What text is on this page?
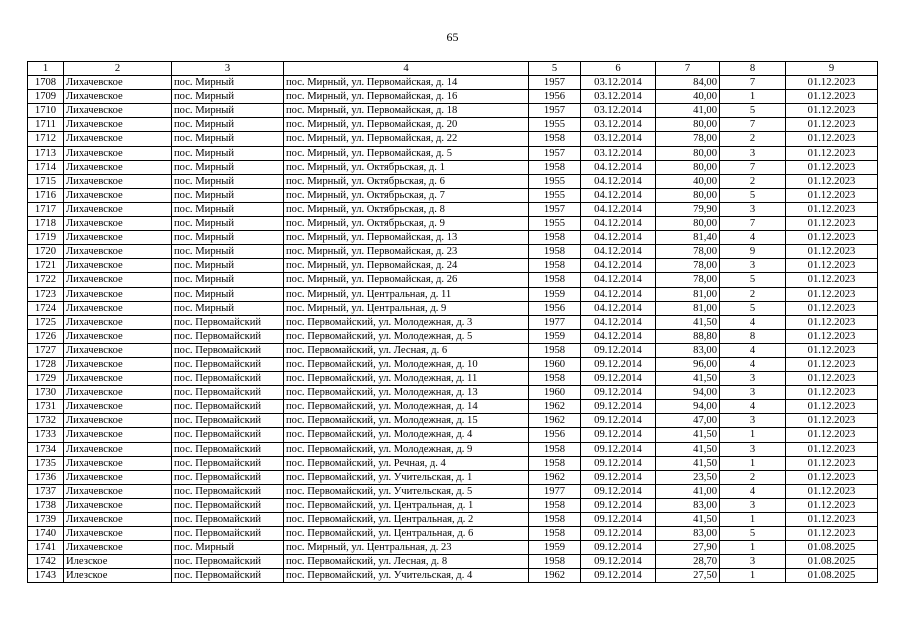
65
1	2	3	4	5	6	7	8	9
1708	Лихачевское	пос. Мирный	пос. Мирный, ул. Первомайская, д. 14	1957	03.12.2014	84,00	7	01.12.2023
1709	Лихачевское	пос. Мирный	пос. Мирный, ул. Первомайская, д. 16	1956	03.12.2014	40,00	1	01.12.2023
1710	Лихачевское	пос. Мирный	пос. Мирный, ул. Первомайская, д. 18	1957	03.12.2014	41,00	5	01.12.2023
1711	Лихачевское	пос. Мирный	пос. Мирный, ул. Первомайская, д. 20	1955	03.12.2014	80,00	7	01.12.2023
1712	Лихачевское	пос. Мирный	пос. Мирный, ул. Первомайская, д. 22	1958	03.12.2014	78,00	2	01.12.2023
1713	Лихачевское	пос. Мирный	пос. Мирный, ул. Первомайская, д. 5	1957	03.12.2014	80,00	3	01.12.2023
1714	Лихачевское	пос. Мирный	пос. Мирный, ул. Октябрьская, д. 1	1958	04.12.2014	80,00	7	01.12.2023
1715	Лихачевское	пос. Мирный	пос. Мирный, ул. Октябрьская, д. 6	1955	04.12.2014	40,00	2	01.12.2023
1716	Лихачевское	пос. Мирный	пос. Мирный, ул. Октябрьская, д. 7	1955	04.12.2014	80,00	5	01.12.2023
1717	Лихачевское	пос. Мирный	пос. Мирный, ул. Октябрьская, д. 8	1957	04.12.2014	79,90	3	01.12.2023
1718	Лихачевское	пос. Мирный	пос. Мирный, ул. Октябрьская, д. 9	1955	04.12.2014	80,00	7	01.12.2023
1719	Лихачевское	пос. Мирный	пос. Мирный, ул. Первомайская, д. 13	1958	04.12.2014	81,40	4	01.12.2023
1720	Лихачевское	пос. Мирный	пос. Мирный, ул. Первомайская, д. 23	1958	04.12.2014	78,00	9	01.12.2023
1721	Лихачевское	пос. Мирный	пос. Мирный, ул. Первомайская, д. 24	1958	04.12.2014	78,00	3	01.12.2023
1722	Лихачевское	пос. Мирный	пос. Мирный, ул. Первомайская, д. 26	1958	04.12.2014	78,00	5	01.12.2023
1723	Лихачевское	пос. Мирный	пос. Мирный, ул. Центральная, д. 11	1959	04.12.2014	81,00	2	01.12.2023
1724	Лихачевское	пос. Мирный	пос. Мирный, ул. Центральная, д. 9	1956	04.12.2014	81,00	5	01.12.2023
1725	Лихачевское	пос. Первомайский	пос. Первомайский, ул. Молодежная, д. 3	1977	04.12.2014	41,50	4	01.12.2023
1726	Лихачевское	пос. Первомайский	пос. Первомайский, ул. Молодежная, д. 5	1959	04.12.2014	88,80	8	01.12.2023
1727	Лихачевское	пос. Первомайский	пос. Первомайский, ул. Лесная, д. 6	1958	09.12.2014	83,00	4	01.12.2023
1728	Лихачевское	пос. Первомайский	пос. Первомайский, ул. Молодежная, д. 10	1960	09.12.2014	96,00	4	01.12.2023
1729	Лихачевское	пос. Первомайский	пос. Первомайский, ул. Молодежная, д. 11	1958	09.12.2014	41,50	3	01.12.2023
1730	Лихачевское	пос. Первомайский	пос. Первомайский, ул. Молодежная, д. 13	1960	09.12.2014	94,00	3	01.12.2023
1731	Лихачевское	пос. Первомайский	пос. Первомайский, ул. Молодежная, д. 14	1962	09.12.2014	94,00	4	01.12.2023
1732	Лихачевское	пос. Первомайский	пос. Первомайский, ул. Молодежная, д. 15	1962	09.12.2014	47,00	3	01.12.2023
1733	Лихачевское	пос. Первомайский	пос. Первомайский, ул. Молодежная, д. 4	1956	09.12.2014	41,50	1	01.12.2023
1734	Лихачевское	пос. Первомайский	пос. Первомайский, ул. Молодежная, д. 9	1958	09.12.2014	41,50	3	01.12.2023
1735	Лихачевское	пос. Первомайский	пос. Первомайский, ул. Речная, д. 4	1958	09.12.2014	41,50	1	01.12.2023
1736	Лихачевское	пос. Первомайский	пос. Первомайский, ул. Учительская, д. 1	1962	09.12.2014	23,50	2	01.12.2023
1737	Лихачевское	пос. Первомайский	пос. Первомайский, ул. Учительская, д. 5	1977	09.12.2014	41,00	4	01.12.2023
1738	Лихачевское	пос. Первомайский	пос. Первомайский, ул. Центральная, д. 1	1958	09.12.2014	83,00	3	01.12.2023
1739	Лихачевское	пос. Первомайский	пос. Первомайский, ул. Центральная, д. 2	1958	09.12.2014	41,50	1	01.12.2023
1740	Лихачевское	пос. Первомайский	пос. Первомайский, ул. Центральная, д. 6	1958	09.12.2014	83,00	5	01.12.2023
1741	Лихачевское	пос. Мирный	пос. Мирный, ул. Центральная, д. 23	1959	09.12.2014	27,90	1	01.08.2025
1742	Илезское	пос. Первомайский	пос. Первомайский, ул. Лесная, д. 8	1958	09.12.2014	28,70	3	01.08.2025
1743	Илезское	пос. Первомайский	пос. Первомайский, ул. Учительская, д. 4	1962	09.12.2014	27,50	1	01.08.2025
